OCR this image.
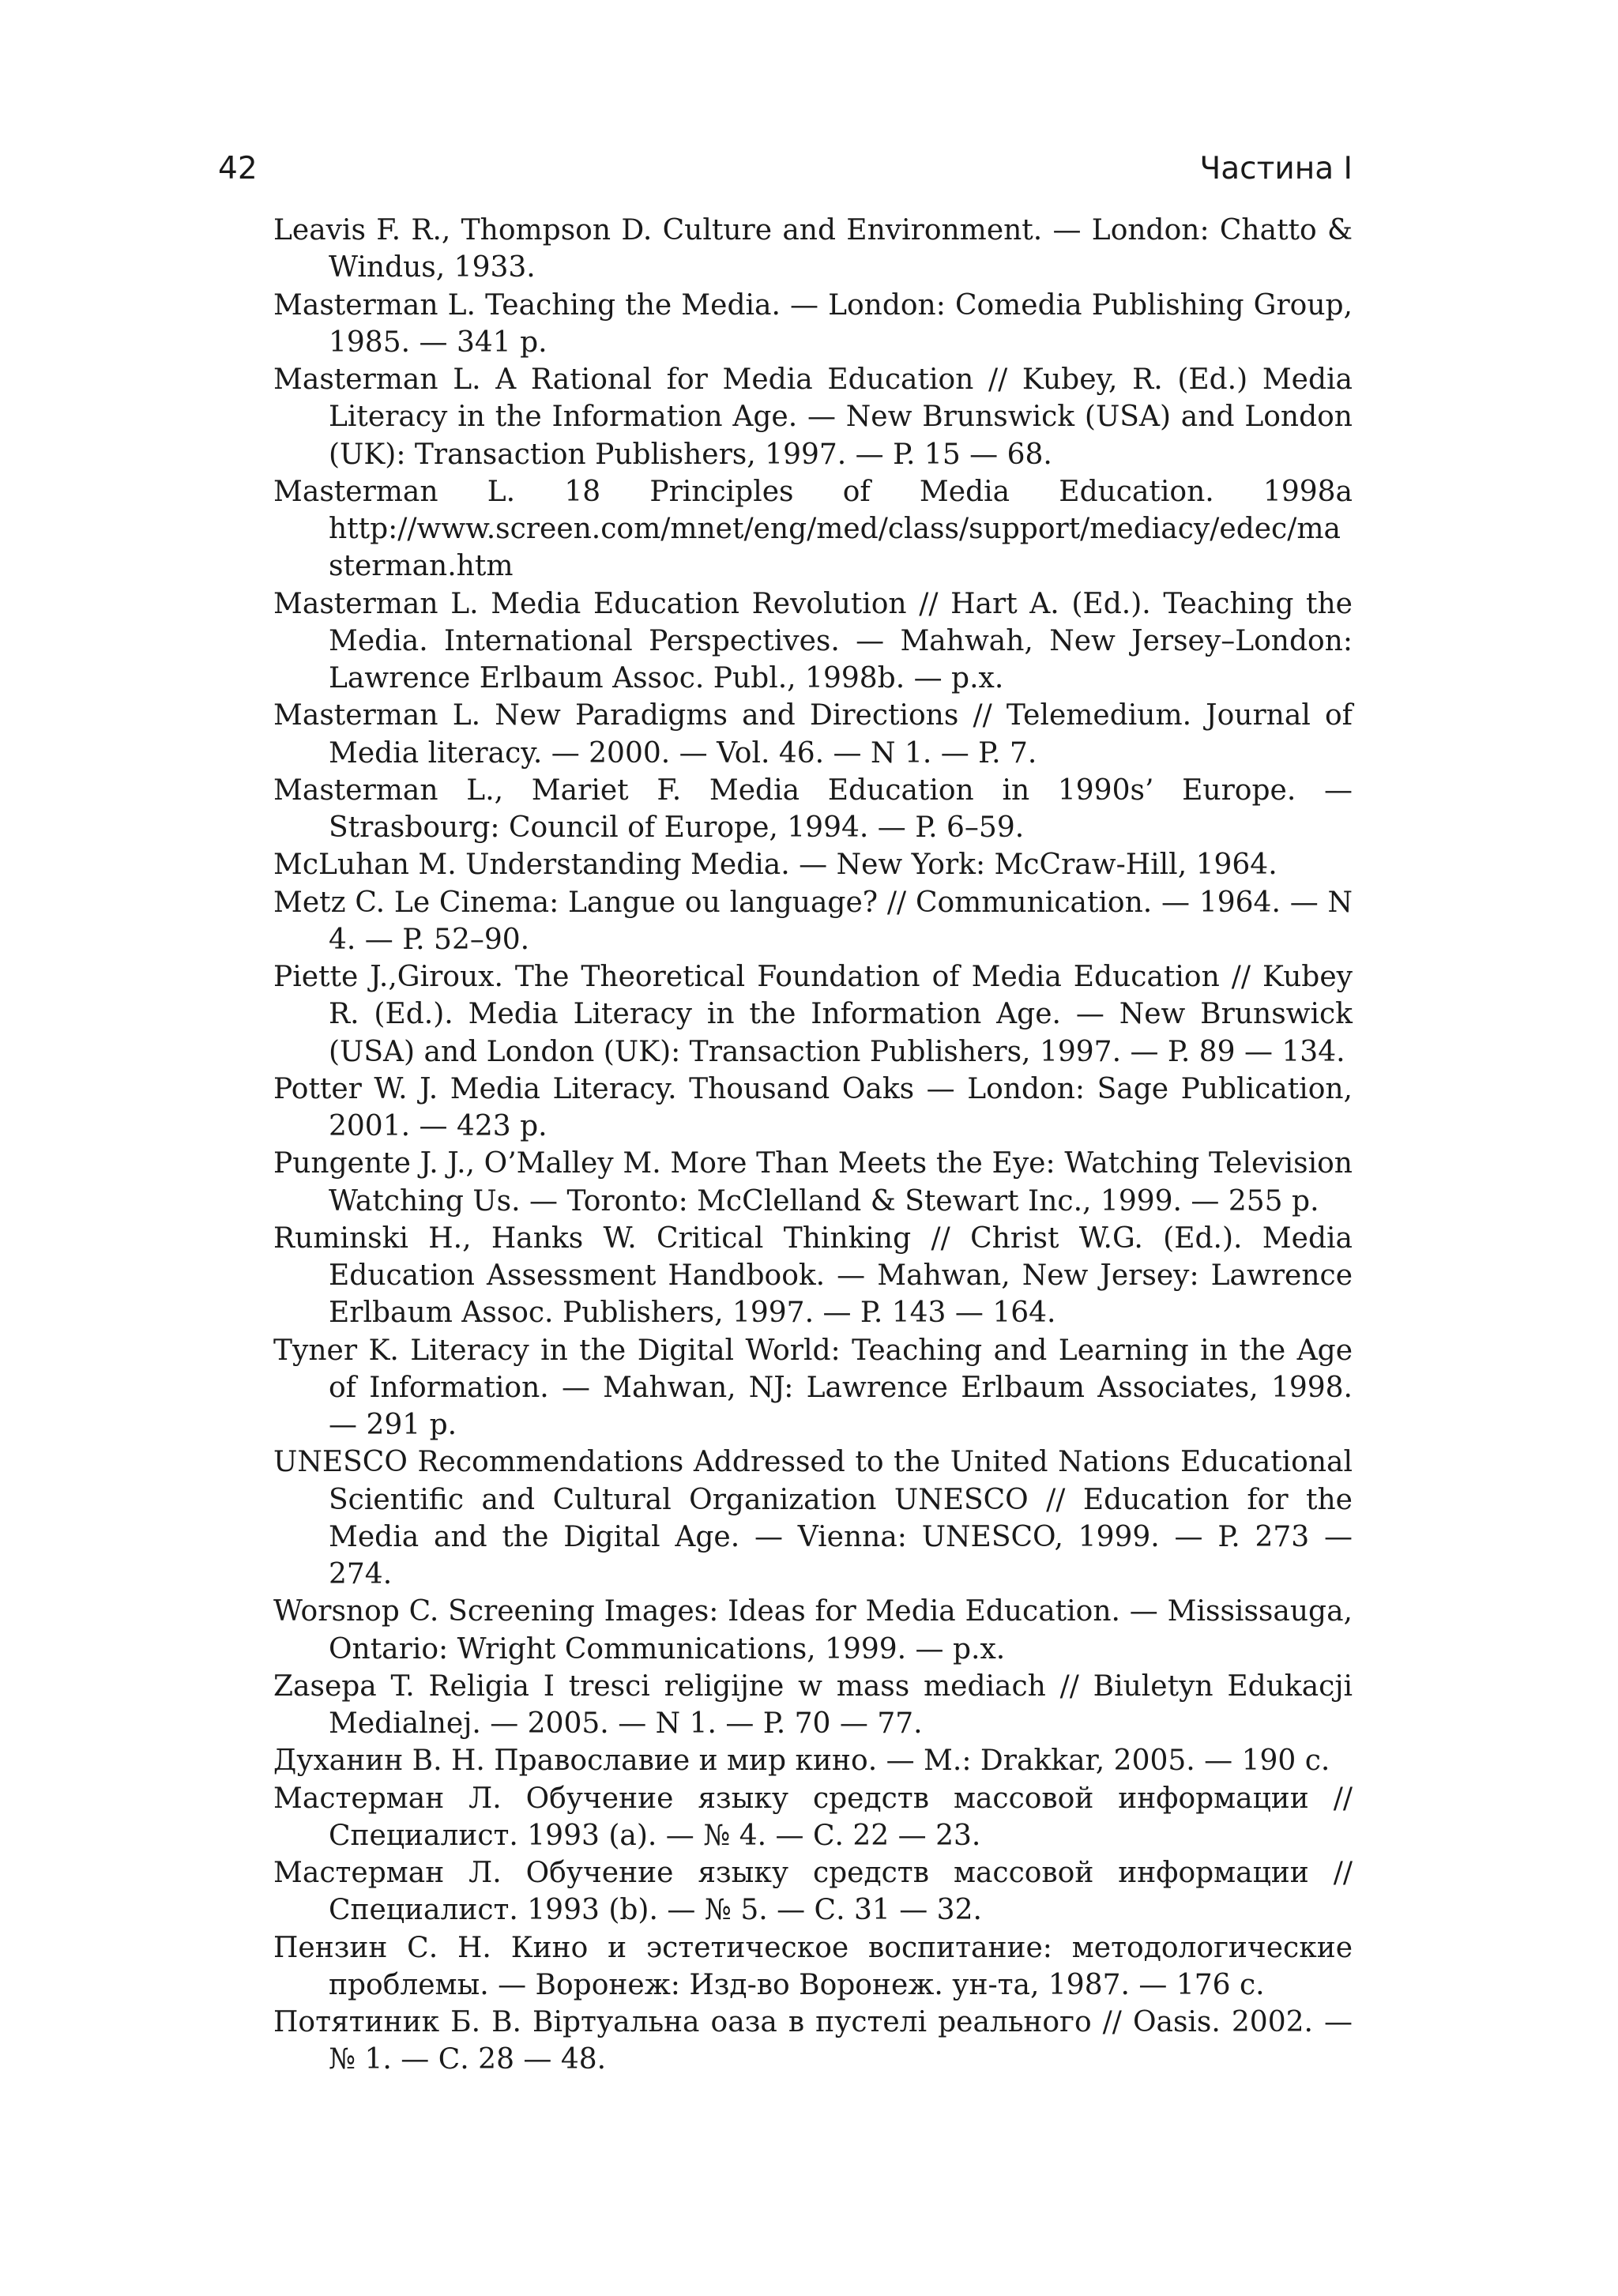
42	Частина I
Leavis F. R., Thompson D. Culture and Environment. — London: Chatto & Windus, 1933.
Masterman L. Teaching the Media. — London: Comedia Publishing Group, 1985. — 341 p.
Masterman L. A Rational for Media Education // Kubey, R. (Ed.) Media Literacy in the Information Age. — New Brunswick (USA) and London (UK): Transaction Publishers, 1997. — P. 15 — 68.
Masterman L. 18 Principles of Media Education. 1998a http://www.screen.com/mnet/eng/med/class/support/mediacy/edec/masterman.htm
Masterman L. Media Education Revolution // Hart A. (Ed.). Teaching the Media. International Perspectives. — Mahwah, New Jersey–London: Lawrence Erlbaum Assoc. Publ., 1998b. — p.x.
Masterman L. New Paradigms and Directions // Telemedium. Journal of Media literacy. — 2000. — Vol. 46. — N 1. — P. 7.
Masterman L., Mariet F. Media Education in 1990s’ Europe. — Strasbourg: Council of Europe, 1994. — P. 6–59.
McLuhan M. Understanding Media. — New York: McCraw-Hill, 1964.
Metz C. Le Cinema: Langue ou language? // Communication. — 1964. — N 4. — P. 52–90.
Piette J.,Giroux. The Theoretical Foundation of Media Education // Kubey R. (Ed.). Media Literacy in the Information Age. — New Brunswick (USA) and London (UK): Transaction Publishers, 1997. — P. 89 — 134.
Potter W. J. Media Literacy. Thousand Oaks — London: Sage Publication, 2001. — 423 p.
Pungente J. J., O’Malley M. More Than Meets the Eye: Watching Television Watching Us. — Toronto: McClelland & Stewart Inc., 1999. — 255 p.
Ruminski H., Hanks W. Critical Thinking // Christ W.G. (Ed.). Media Education Assessment Handbook. — Mahwan, New Jersey: Lawrence Erlbaum Assoc. Publishers, 1997. — P. 143 — 164.
Tyner K. Literacy in the Digital World: Teaching and Learning in the Age of Information. — Mahwan, NJ: Lawrence Erlbaum Associates, 1998. — 291 p.
UNESCO Recommendations Addressed to the United Nations Educational Scientific and Cultural Organization UNESCO // Education for the Media and the Digital Age. — Vienna: UNESCO, 1999. — P. 273 — 274.
Worsnop C. Screening Images: Ideas for Media Education. — Mississauga, Ontario: Wright Communications, 1999. — p.x.
Zasepa T. Religia I tresci religijne w mass mediach // Biuletyn Edukacji Medialnej. — 2005. — N 1. — P. 70 — 77.
Духанин В. Н. Православие и мир кино. — М.: Drakkar, 2005. — 190 с.
Мастерман Л. Обучение языку средств массовой информации // Специалист. 1993 (a). — № 4. — С. 22 — 23.
Мастерман Л. Обучение языку средств массовой информации // Специалист. 1993 (b). — № 5. — С. 31 — 32.
Пензин С. Н. Кино и эстетическое воспитание: методологические проблемы. — Воронеж: Изд-во Воронеж. ун-та, 1987. — 176 с.
Потятиник Б. В. Віртуальна оаза в пустелі реального // Oasis. 2002. — № 1. — С. 28 — 48.
